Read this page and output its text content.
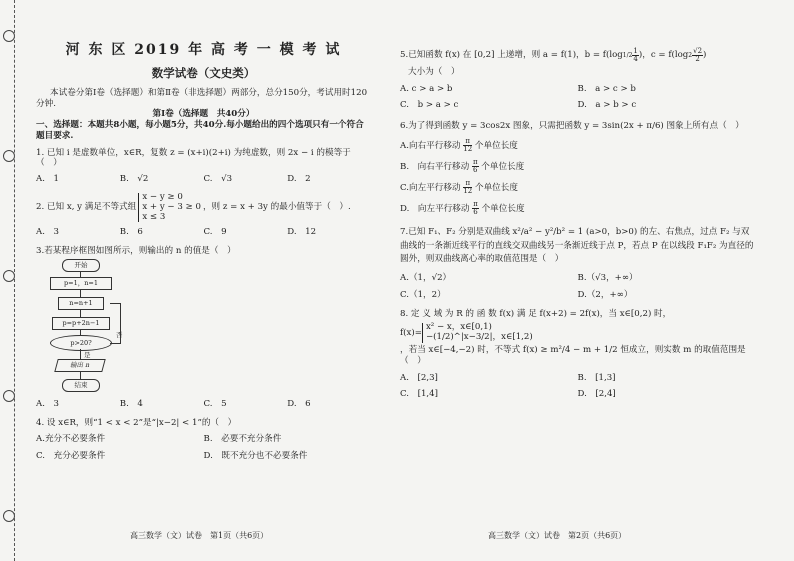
河 东 区 2019 年 高 考 一 模 考 试

数学试卷（文史类）

本试卷分第Ⅰ卷（选择题）和第Ⅱ卷（非选择题）两部分，总分150分，考试用时120分钟.

第Ⅰ卷（选择题　共40分）

一、选择题：本题共8小题，每小题5分，共40分.每小题给出的四个选项只有一个符合题目要求.

1. 已知 i 是虚数单位，x∈R，复数 z = (x+i)(2+i) 为纯虚数，则 2x − i 的模等于（　）

A.　1	B.　√2	C.　√3	D.　2
2. 已知 x, y 满足不等式组
x − y ≥ 0
x + y − 3 ≥ 0
x ≤ 3
，则 z = x + 3y 的最小值等于（　）.
A.　3	B.　6	C.　9	D.　12

3.若某程序框图如图所示，则输出的 n 的值是（　）

开始
p=1，n=1
n=n+1
p=p+2n−1
p>20?
否
是
输出 n
结束
A.　3	B.　4	C.　5	D.　6

4. 设 x∈R，则“1 < x < 2”是“|x−2| < 1”的（　）

A.充分不必要条件	B.　必要不充分条件
C.　充分必要条件	D.　既不充分也不必要条件
5.已知函数 f(x) 在 [0,2] 上递增，则 a = f(1)，b = f(log $1/2 \frac{1}{4}$ )，c = f(log $2 \frac{√2}{2}$ )

大小为（　）

A. c > a > b	B.　a > c > b
C.　b > a > c	D.　a > b > c

6.为了得到函数 y = 3cos2x 图象，只需把函数 y = 3sin(2x + π/6) 图象上所有点（　）

A.向右平行移动 $\frac{\pi}{12}$ 个单位长度
B.　向右平行移动 $\frac{\pi}{6}$ 个单位长度
C.向左平行移动 $\frac{\pi}{12}$ 个单位长度
D.　向左平行移动 $\frac{\pi}{6}$ 个单位长度

7.已知 F₁、F₂ 分别是双曲线 x²/a² − y²/b² = 1 (a>0，b>0) 的左、右焦点，过点 F₂ 与双曲线的一条渐近线平行的直线交双曲线另一条渐近线于点 P，若点 P 在以线段 F₁F₂ 为直径的圆外，则双曲线离心率的取值范围是（　）

A.（1，√2）	B.（√3，+∞）
C.（1，2）	D.（2，+∞）

8. 定 义 域 为 R 的 函 数 f(x) 满 足 f(x+2) = 2f(x)，当 x∈[0,2) 时，

f(x)=
x² − x，x∈[0,1)
−(1/2)^|x−3/2|，x∈[1,2)

，若当 x∈[−4,−2) 时，不等式 f(x) ≥ m²/4 − m + 1/2 恒成立，则实数 m 的取值范围是（　）

A.　[2,3]	B.　[1,3]
C.　[1,4]	D.　[2,4]
高三数学（文）试卷　第1页（共6页）	高三数学（文）试卷　第2页（共6页）
